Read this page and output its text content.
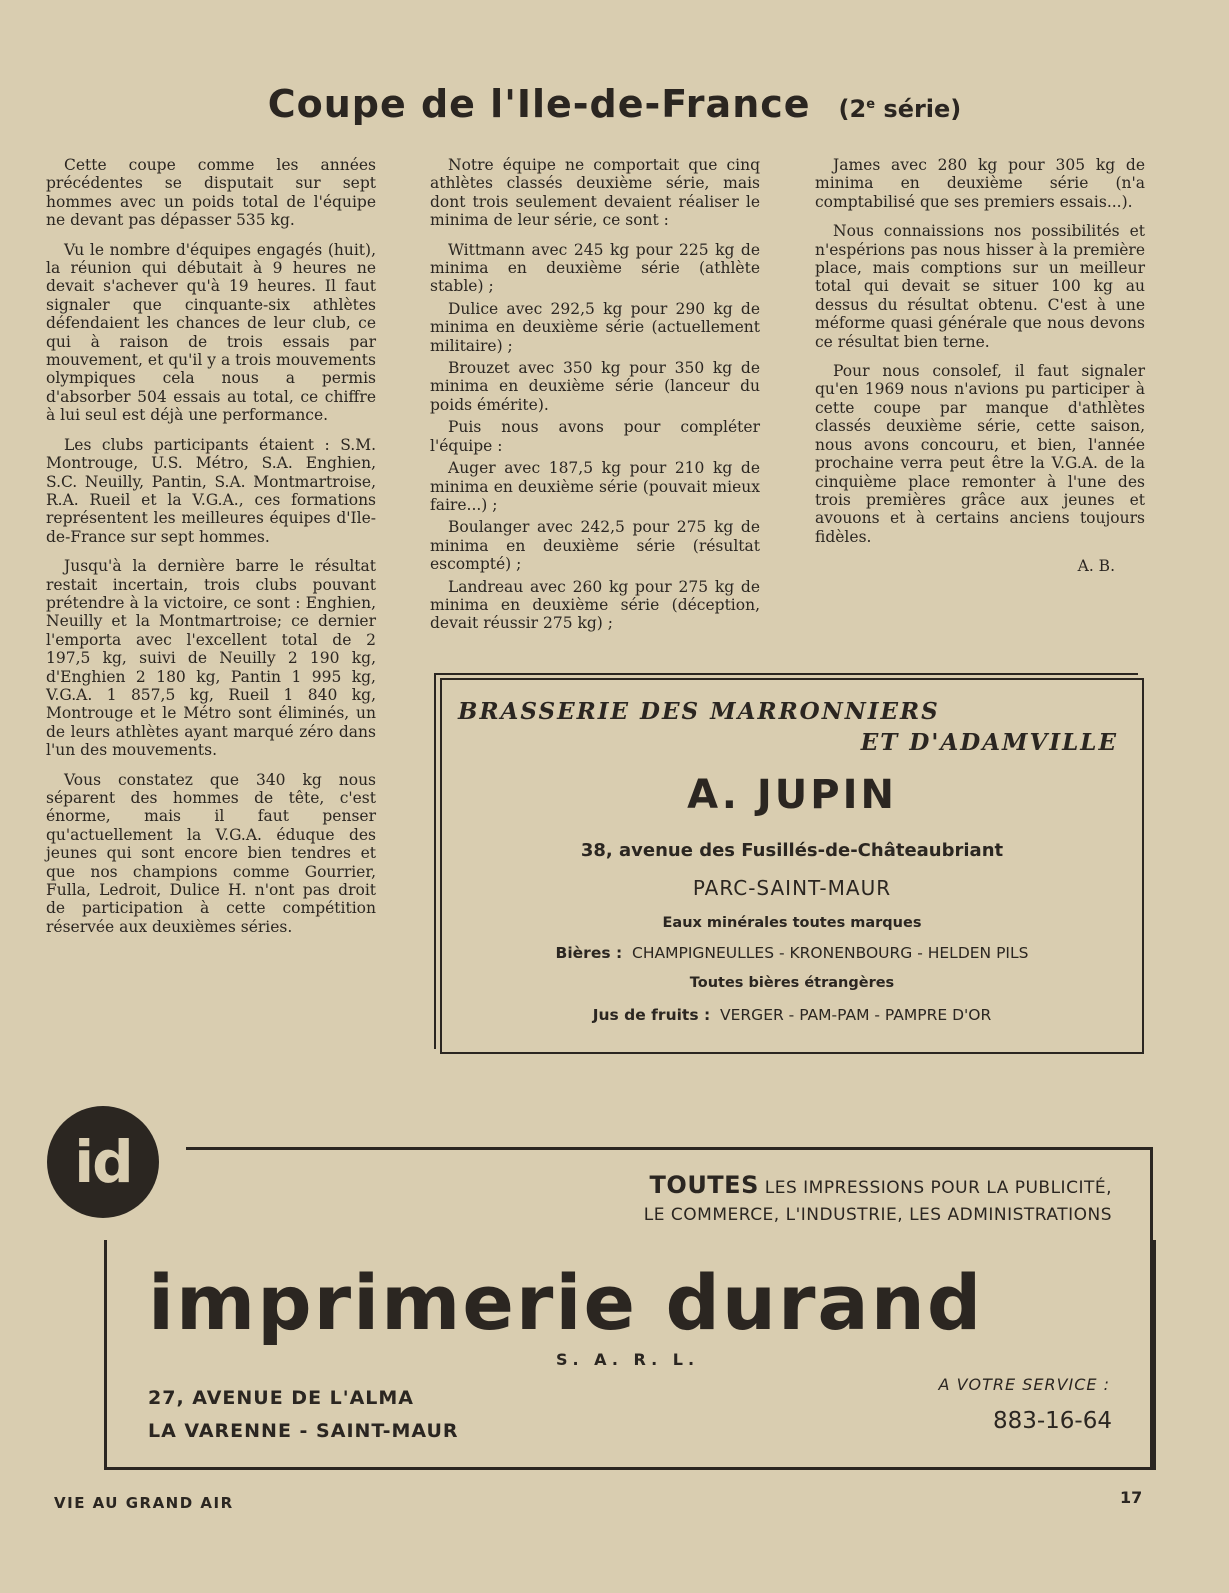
Coupe de l'Ile-de-France (2e série)

Cette coupe comme les années précédentes se disputait sur sept hommes avec un poids total de l'équipe ne devant pas dépasser 535 kg.

Vu le nombre d'équipes engagés (huit), la réunion qui débutait à 9 heures ne devait s'achever qu'à 19 heures. Il faut signaler que cinquante-six athlètes défendaient les chances de leur club, ce qui à raison de trois essais par mouvement, et qu'il y a trois mouvements olympiques cela nous a permis d'absorber 504 essais au total, ce chiffre à lui seul est déjà une performance.

Les clubs participants étaient : S.M. Montrouge, U.S. Métro, S.A. Enghien, S.C. Neuilly, Pantin, S.A. Montmartroise, R.A. Rueil et la V.G.A., ces formations représentent les meilleures équipes d'Ile-de-France sur sept hommes.

Jusqu'à la dernière barre le résultat restait incertain, trois clubs pouvant prétendre à la victoire, ce sont : Enghien, Neuilly et la Montmartroise; ce dernier l'emporta avec l'excellent total de 2 197,5 kg, suivi de Neuilly 2 190 kg, d'Enghien 2 180 kg, Pantin 1 995 kg, V.G.A. 1 857,5 kg, Rueil 1 840 kg, Montrouge et le Métro sont éliminés, un de leurs athlètes ayant marqué zéro dans l'un des mouvements.

Vous constatez que 340 kg nous séparent des hommes de tête, c'est énorme, mais il faut penser qu'actuellement la V.G.A. éduque des jeunes qui sont encore bien tendres et que nos champions comme Gourrier, Fulla, Ledroit, Dulice H. n'ont pas droit de participation à cette compétition réservée aux deuxièmes séries.

Notre équipe ne comportait que cinq athlètes classés deuxième série, mais dont trois seulement devaient réaliser le minima de leur série, ce sont :

Wittmann avec 245 kg pour 225 kg de minima en deuxième série (athlète stable) ;

Dulice avec 292,5 kg pour 290 kg de minima en deuxième série (actuellement militaire) ;

Brouzet avec 350 kg pour 350 kg de minima en deuxième série (lanceur du poids émérite).

Puis nous avons pour compléter l'équipe :

Auger avec 187,5 kg pour 210 kg de minima en deuxième série (pouvait mieux faire...) ;

Boulanger avec 242,5 pour 275 kg de minima en deuxième série (résultat escompté) ;

Landreau avec 260 kg pour 275 kg de minima en deuxième série (déception, devait réussir 275 kg) ;

James avec 280 kg pour 305 kg de minima en deuxième série (n'a comptabilisé que ses premiers essais...).

Nous connaissions nos possibilités et n'espérions pas nous hisser à la première place, mais comptions sur un meilleur total qui devait se situer 100 kg au dessus du résultat obtenu. C'est à une méforme quasi générale que nous devons ce résultat bien terne.

Pour nous consolef, il faut signaler qu'en 1969 nous n'avions pu participer à cette coupe par manque d'athlètes classés deuxième série, cette saison, nous avons concouru, et bien, l'année prochaine verra peut être la V.G.A. de la cinquième place remonter à l'une des trois premières grâce aux jeunes et avouons et à certains anciens toujours fidèles.

A. B.
BRASSERIE DES MARRONNIERS
ET D'ADAMVILLE
A. JUPIN
38, avenue des Fusillés-de-Châteaubriant
PARC-SAINT-MAUR
Eaux minérales toutes marques
Bières : CHAMPIGNEULLES - KRONENBOURG - HELDEN PILS
Toutes bières étrangères
Jus de fruits : VERGER - PAM-PAM - PAMPRE D'OR
id	TOUTES LES IMPRESSIONS POUR LA PUBLICITÉ,
LE COMMERCE, L'INDUSTRIE, LES ADMINISTRATIONS
imprimerie durand
S. A. R. L.
27, AVENUE DE L'ALMA
LA VARENNE - SAINT-MAUR
A VOTRE SERVICE :
883-16-64
VIE AU GRAND AIR	17
